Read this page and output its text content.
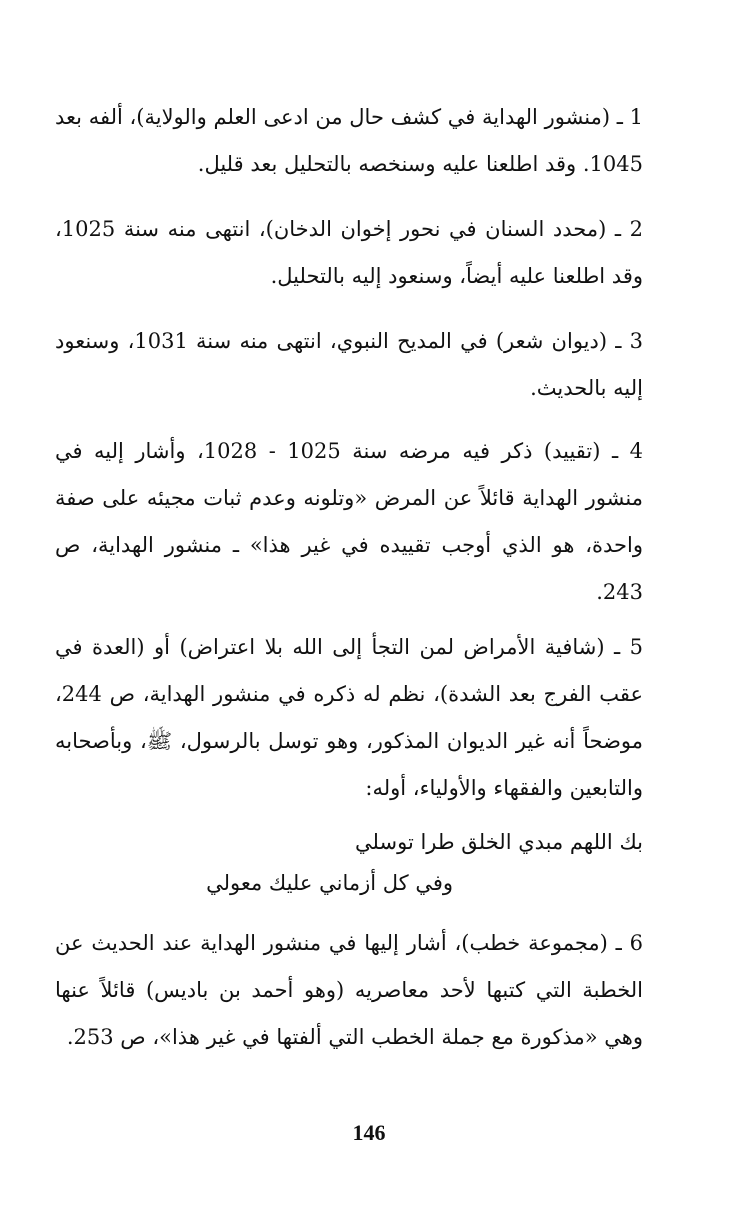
1 ـ (منشور الهداية في كشف حال من ادعى العلم والولاية)، ألفه بعد 1045. وقد اطلعنا عليه وسنخصه بالتحليل بعد قليل.
2 ـ (محدد السنان في نحور إخوان الدخان)، انتهى منه سنة 1025، وقد اطلعنا عليه أيضاً، وسنعود إليه بالتحليل.
3 ـ (ديوان شعر) في المديح النبوي، انتهى منه سنة 1031، وسنعود إليه بالحديث.
4 ـ (تقييد) ذكر فيه مرضه سنة 1025 - 1028، وأشار إليه في منشور الهداية قائلاً عن المرض «وتلونه وعدم ثبات مجيئه على صفة واحدة، هو الذي أوجب تقييده في غير هذا» ـ منشور الهداية، ص 243.
5 ـ (شافية الأمراض لمن التجأ إلى الله بلا اعتراض) أو (العدة في عقب الفرج بعد الشدة)، نظم له ذكره في منشور الهداية، ص 244، موضحاً أنه غير الديوان المذكور، وهو توسل بالرسول، ﷺ، وبأصحابه والتابعين والفقهاء والأولياء، أوله:
بك اللهم مبدي الخلق طرا توسلي
وفي كل أزماني عليك معولي
6 ـ (مجموعة خطب)، أشار إليها في منشور الهداية عند الحديث عن الخطبة التي كتبها لأحد معاصريه (وهو أحمد بن باديس) قائلاً عنها وهي «مذكورة مع جملة الخطب التي ألفتها في غير هذا»، ص 253.
146
